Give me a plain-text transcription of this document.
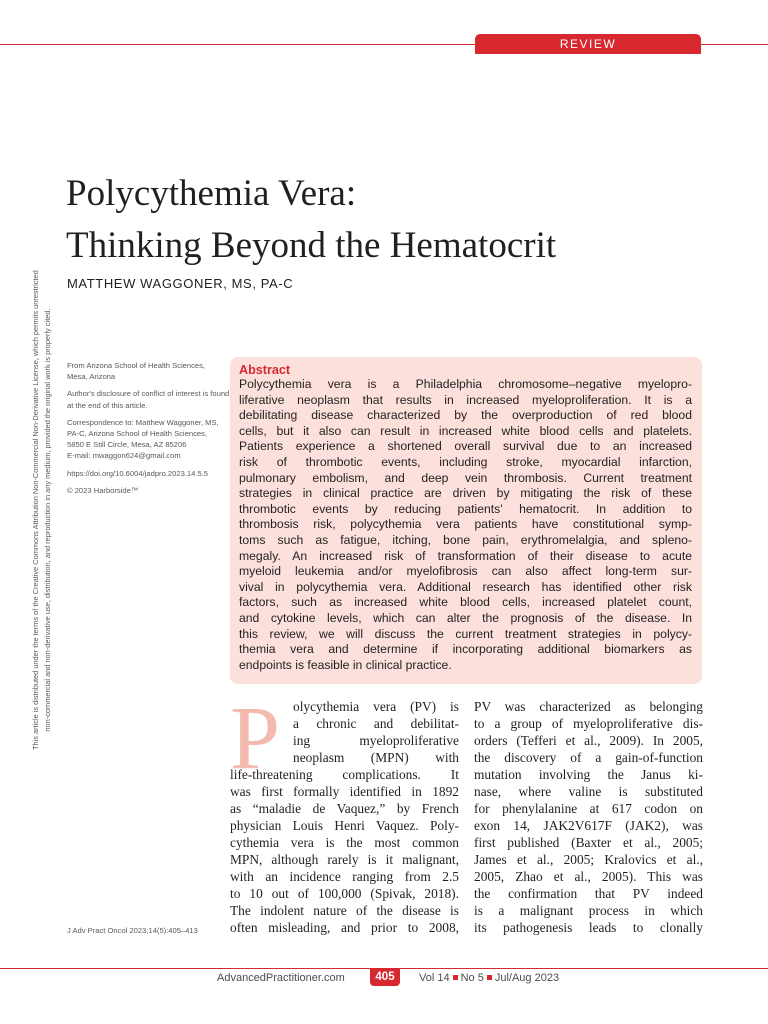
REVIEW
Polycythemia Vera:
Thinking Beyond the Hematocrit
MATTHEW WAGGONER, MS, PA-C
This article is distributed under the terms of the Creative Commons Attribution Non-Commercial Non-Derivative License, which permits unrestricted non-commercial and non-derivative use, distribution, and reproduction in any medium, provided the original work is properly cited. From Arizona School of Health Sciences,
Mesa, Arizona

Author's disclosure of conflict of interest is found
at the end of this article.

Correspondence to: Matthew Waggoner, MS,
PA-C, Arizona School of Health Sciences,
5850 E Still Circle, Mesa, AZ 85206
E-mail: mwaggon624@gmail.com

https://doi.org/10.6004/jadpro.2023.14.5.5

© 2023 Harborside™

J Adv Pract Oncol 2023;14(5):405–413
Abstract
Polycythemia vera is a Philadelphia chromosome–negative myelopro-
liferative neoplasm that results in increased myeloproliferation. It is a
debilitating disease characterized by the overproduction of red blood
cells, but it also can result in increased white blood cells and platelets.
Patients experience a shortened overall survival due to an increased
risk of thrombotic events, including stroke, myocardial infarction,
pulmonary embolism, and deep vein thrombosis. Current treatment
strategies in clinical practice are driven by mitigating the risk of these
thrombotic events by reducing patients' hematocrit. In addition to
thrombosis risk, polycythemia vera patients have constitutional symp-
toms such as fatigue, itching, bone pain, erythromelalgia, and spleno-
megaly. An increased risk of transformation of their disease to acute
myeloid leukemia and/or myelofibrosis can also affect long-term sur-
vival in polycythemia vera. Additional research has identified other risk
factors, such as increased white blood cells, increased platelet count,
and cytokine levels, which can alter the prognosis of the disease. In
this review, we will discuss the current treatment strategies in polycy-
themia vera and determine if incorporating additional biomarkers as
endpoints is feasible in clinical practice.
P olycythemia vera (PV) is
a chronic and debilitat-
ing myeloproliferative
neoplasm (MPN) with
life-threatening complications. It
was first formally identified in 1892
as “maladie de Vaquez,” by French
physician Louis Henri Vaquez. Poly-
cythemia vera is the most common
MPN, although rarely is it malignant,
with an incidence ranging from 2.5
to 10 out of 100,000 (Spivak, 2018).
The indolent nature of the disease is
often misleading, and prior to 2008,
PV was characterized as belonging
to a group of myeloproliferative dis-
orders (Tefferi et al., 2009). In 2005,
the discovery of a gain-of-function
mutation involving the Janus ki-
nase, where valine is substituted
for phenylalanine at 617 codon on
exon 14, JAK2V617F (JAK2), was
first published (Baxter et al., 2005;
James et al., 2005; Kralovics et al.,
2005, Zhao et al., 2005). This was
the confirmation that PV indeed
is a malignant process in which
its pathogenesis leads to clonally
AdvancedPractitioner.com	405	Vol 14 No 5 Jul/Aug 2023
